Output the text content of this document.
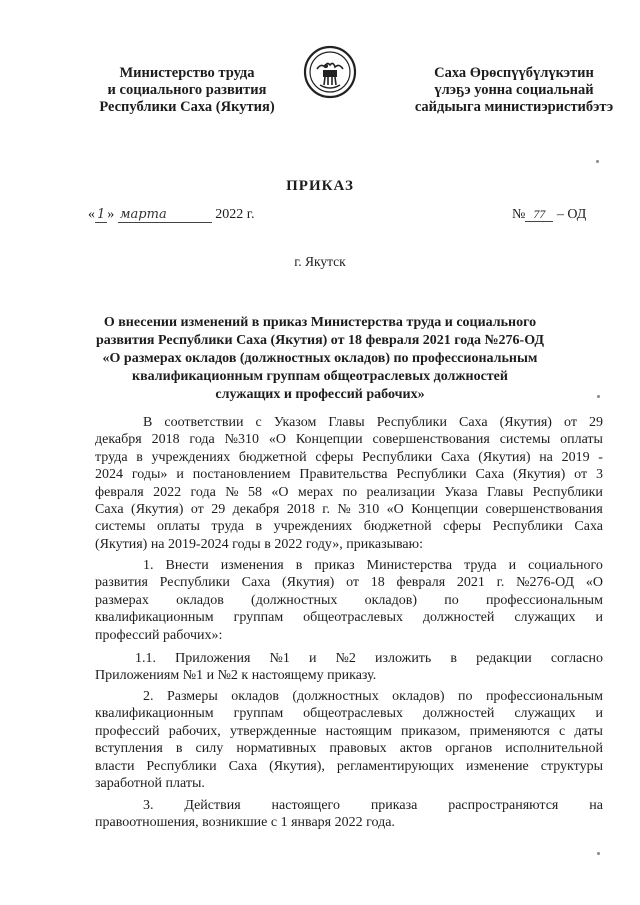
Министерство труда
и социального развития
Республики Саха (Якутия)
Саха Өрөспүүбүлүкэтин
үлэҕэ уонна социальнай
сайдыыга министиэристибэтэ
ПРИКАЗ
« 1 » марта	2022 г.	№ 77 – ОД
г. Якутск
О внесении изменений в приказ Министерства труда и социального
развития Республики Саха (Якутия) от 18 февраля 2021 года №276-ОД
«О размерах окладов (должностных окладов) по профессиональным
квалификационным группам общеотраслевых должностей
служащих и профессий рабочих»
В соответствии с Указом Главы Республики Саха (Якутия) от 29
декабря 2018 года №310 «О Концепции совершенствования системы оплаты
труда в учреждениях бюджетной сферы Республики Саха (Якутия) на 2019 -
2024 годы» и постановлением Правительства Республики Саха (Якутия) от 3
февраля 2022 года № 58 «О мерах по реализации Указа Главы Республики
Саха (Якутия) от 29 декабря 2018 г. № 310 «О Концепции совершенствования
системы оплаты труда в учреждениях бюджетной сферы Республики Саха
(Якутия) на 2019-2024 годы в 2022 году», приказываю:
1. Внести изменения в приказ Министерства труда и социального
развития Республики Саха (Якутия) от 18 февраля 2021 г. №276-ОД «О
размерах окладов (должностных окладов) по профессиональным
квалификационным группам общеотраслевых должностей служащих и
профессий рабочих»:
1.1. Приложения №1 и №2 изложить в редакции согласно
Приложениям №1 и №2 к настоящему приказу.
2. Размеры окладов (должностных окладов) по профессиональным
квалификационным группам общеотраслевых должностей служащих и
профессий рабочих, утвержденные настоящим приказом, применяются с даты
вступления в силу нормативных правовых актов органов исполнительной
власти Республики Саха (Якутия), регламентирующих изменение структуры
заработной платы.
3. Действия настоящего приказа распространяются на
правоотношения, возникшие с 1 января 2022 года.
